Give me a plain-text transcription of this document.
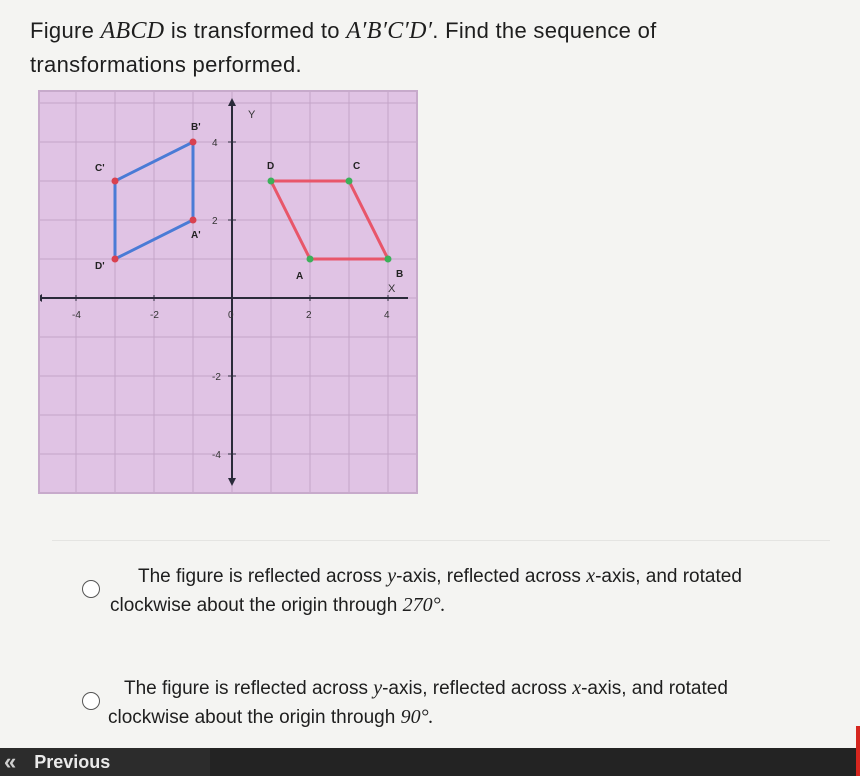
Figure ABCD is transformed to A′B′C′D′. Find the sequence of
transformations performed.
Y
X
-4	-2	0	2	4
4
2
-2
-4
A	B
C
D
A'
B'
C'
D'
The figure is reflected across y-axis, reflected across x-axis, and rotated
clockwise about the origin through 270°.
The figure is reflected across y-axis, reflected across x-axis, and rotated
clockwise about the origin through 90°.
« Previous
